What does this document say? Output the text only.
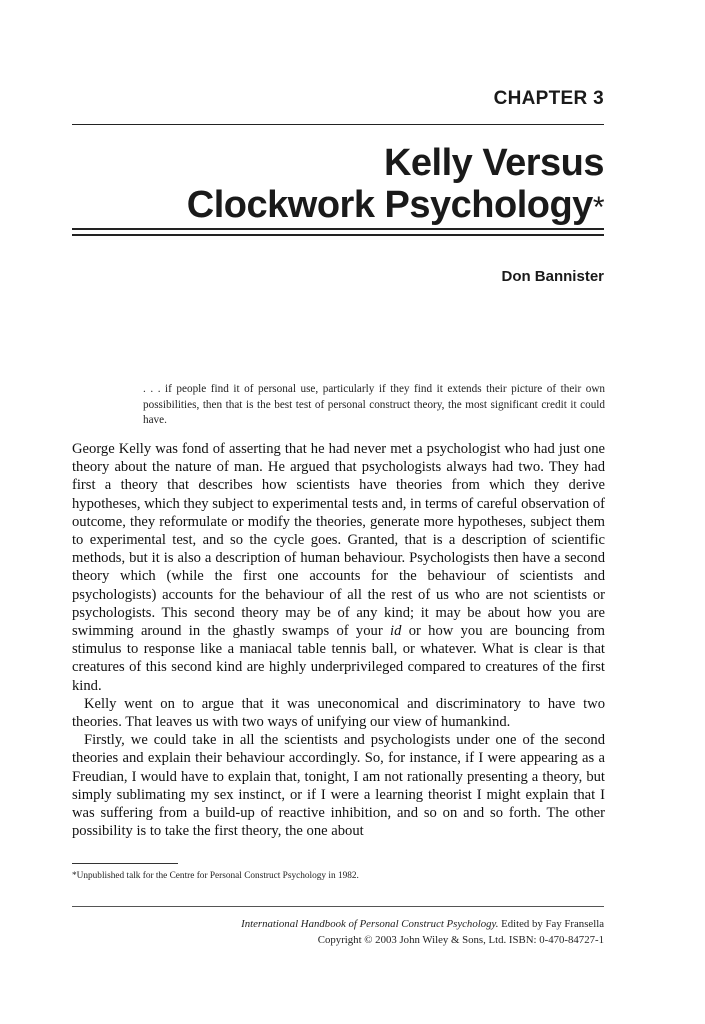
CHAPTER 3
Kelly Versus
Clockwork Psychology*

Don Bannister

. . . if people find it of personal use, particularly if they find it extends their picture of their own possibilities, then that is the best test of personal construct theory, the most significant credit it could have.

George Kelly was fond of asserting that he had never met a psychologist who had just one theory about the nature of man. He argued that psychologists always had two. They had first a theory that describes how scientists have theories from which they derive hypotheses, which they subject to experimental tests and, in terms of careful observation of outcome, they reformulate or modify the theories, generate more hypotheses, subject them to experimental test, and so the cycle goes. Granted, that is a description of scientific methods, but it is also a description of human behaviour. Psychologists then have a second theory which (while the first one accounts for the behaviour of scientists and psychologists) accounts for the behaviour of all the rest of us who are not scientists or psychologists. This second theory may be of any kind; it may be about how you are swimming around in the ghastly swamps of your id or how you are bouncing from stimulus to response like a maniacal table tennis ball, or whatever. What is clear is that creatures of this second kind are highly underprivileged compared to creatures of the first kind.

Kelly went on to argue that it was uneconomical and discriminatory to have two theories. That leaves us with two ways of unifying our view of humankind.

Firstly, we could take in all the scientists and psychologists under one of the second theories and explain their behaviour accordingly. So, for instance, if I were appearing as a Freudian, I would have to explain that, tonight, I am not rationally presenting a theory, but simply sublimating my sex instinct, or if I were a learning theorist I might explain that I was suffering from a build-up of reactive inhibition, and so on and so forth. The other possibility is to take the first theory, the one about

*Unpublished talk for the Centre for Personal Construct Psychology in 1982.

International Handbook of Personal Construct Psychology. Edited by Fay Fransella
Copyright © 2003 John Wiley & Sons, Ltd. ISBN: 0-470-84727-1
